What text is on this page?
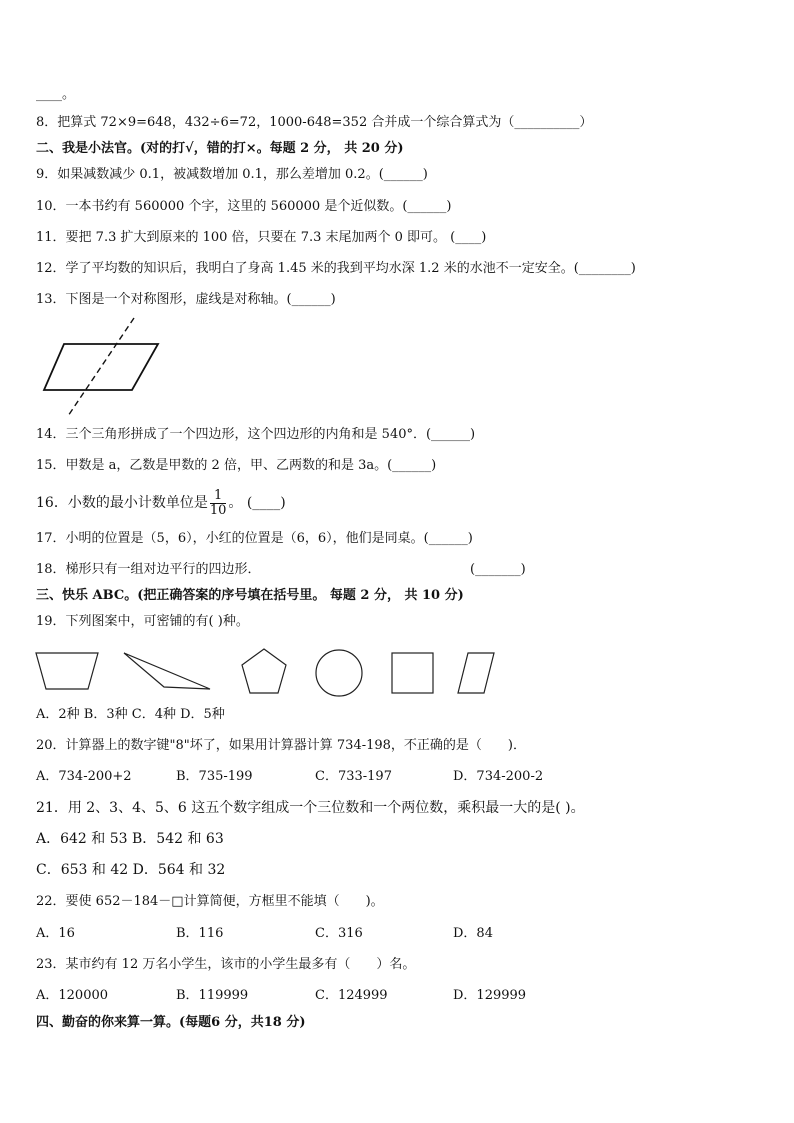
____。
8．把算式 72×9=648，432÷6=72，1000-648=352 合并成一个综合算式为（__________）
二、我是小法官。(对的打√，错的打×。每题 2 分， 共 20 分)
9．如果减数减少 0.1，被减数增加 0.1，那么差增加 0.2。(______)
10．一本书约有 560000 个字，这里的 560000 是个近似数。(______)
11．要把 7.3 扩大到原来的 100 倍，只要在 7.3 末尾加两个 0 即可。 (____)
12．学了平均数的知识后，我明白了身高 1.45 米的我到平均水深 1.2 米的水池不一定安全。(________)
13．下图是一个对称图形，虚线是对称轴。(______)
14．三个三角形拼成了一个四边形，这个四边形的内角和是 540°．(______)
15．甲数是 a，乙数是甲数的 2 倍，甲、乙两数的和是 3a。(______)
16．小数的最小计数单位是 $\frac{1}{10}$ 。 (____)
17．小明的位置是（5，6），小红的位置是（6，6），他们是同桌。(______)
18．梯形只有一组对边平行的四边形．	(_______)
三、快乐 ABC。(把正确答案的序号填在括号里。 每题 2 分， 共 10 分)
19．下列图案中，可密铺的有( )种。
A．2种 B．3种 C．4种 D．5种
20．计算器上的数字键"8"坏了，如果用计算器计算 734-198，不正确的是（　　)．
A．734-200+2	B．735-199	C．733-197	D．734-200-2
21．用 2、3、4、5、6 这五个数字组成一个三位数和一个两位数，乘积最一大的是( )。
A．642 和 53 B．542 和 63
C．653 和 42 D．564 和 32
22．要使 652－184－□计算简便，方框里不能填（　　)。
A．16	B．116	C．316	D．84
23．某市约有 12 万名小学生，该市的小学生最多有（　　）名。
A．120000	B．119999	C．124999	D．129999
四、勤奋的你来算一算。(每题6 分，共18 分)
